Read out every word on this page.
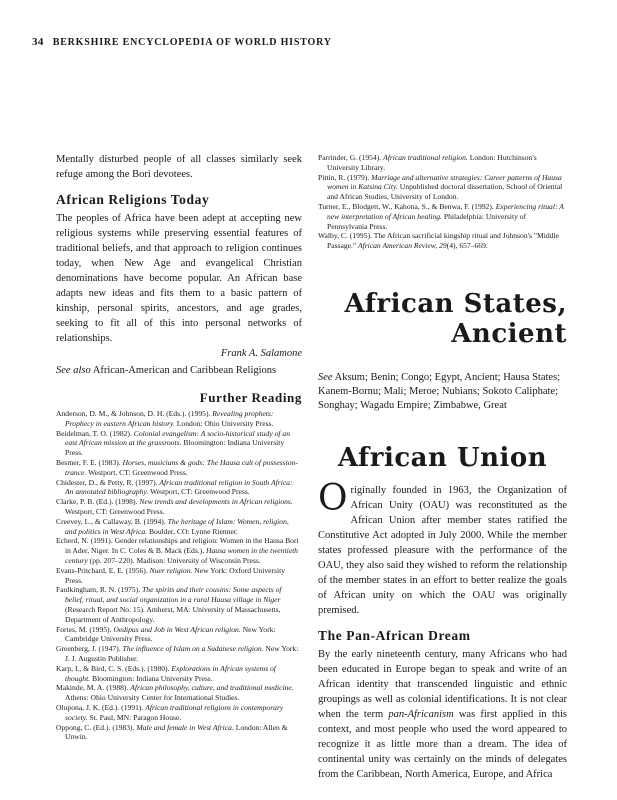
34 BERKSHIRE ENCYCLOPEDIA OF WORLD HISTORY

Mentally disturbed people of all classes similarly seek refuge among the Bori devotees.

African Religions Today

The peoples of Africa have been adept at accepting new religious systems while preserving essential features of traditional beliefs, and that approach to religion continues today, when New Age and evangelical Christian denominations have become popular. An African base adapts new ideas and fits them to a basic pattern of kinship, personal spirits, ancestors, and age grades, seeking to fit all of this into personal networks of relationships.

Frank A. Salamone

See also African-American and Caribbean Religions

Further Reading

Anderson, D. M., & Johnson, D. H. (Eds.). (1995). Revealing prophets: Prophecy in eastern African history. London: Ohio University Press.

Beidelman, T. O. (1982). Colonial evangelism: A socio-historical study of an east African mission at the grassroots. Bloomington: Indiana University Press.

Besmer, F. E. (1983). Horses, musicians & gods: The Hausa cult of possession-trance. Westport, CT: Greenwood Press.

Chidester, D., & Petty, R. (1997). African traditional religion in South Africa: An annotated bibliography. Westport, CT: Greenwood Press.

Clarke, P. B. (Ed.). (1998). New trends and developments in African religions. Westport, CT: Greenwood Press.

Creevey, L., & Callaway, B. (1994). The heritage of Islam: Women, religion, and politics in West Africa. Boulder, CO: Lynne Rienner.

Echerd, N. (1991). Gender relationships and religion: Women in the Hausa Bori in Ader, Niger. In C. Coles & B. Mack (Eds.), Hausa women in the twentieth century (pp. 207–220). Madison: University of Wisconsin Press.

Evans-Pritchard, E. E. (1956). Nuer religion. New York: Oxford University Press.

Faulkingham, R. N. (1975). The spirits and their cousins: Some aspects of belief, ritual, and social organization in a rural Hausa village in Niger (Research Report No. 15). Amherst, MA: University of Massachusetts, Department of Anthropology.

Fortes, M. (1995). Oedipus and Job in West African religion. New York: Cambridge University Press.

Greenberg, J. (1947). The influence of Islam on a Sudanese religion. New York: J. J. Augustin Publisher.

Karp, I., & Bird, C. S. (Eds.). (1980). Explorations in African systems of thought. Bloomington: Indiana University Press.

Makinde, M. A. (1988). African philosophy, culture, and traditional medicine. Athens: Ohio University Center for International Studies.

Olupona, J. K. (Ed.). (1991). African traditional religions in contemporary society. St. Paul, MN: Paragon House.

Oppong, C. (Ed.). (1983). Male and female in West Africa. London: Allen & Unwin.

Parrinder, G. (1954). African traditional religion. London: Hutchinson's University Library.

Pittin, R. (1979). Marriage and alternative strategies: Career patterns of Hausa women in Katsina City. Unpublished doctoral dissertation, School of Oriental and African Studies, University of London.

Turner, E., Blodgett, W., Kahona, S., & Benwa, F. (1992). Experiencing ritual: A new interpretation of African healing. Philadelphia: University of Pennsylvania Press.

Walby, C. (1995). The African sacrificial kingship ritual and Johnson's "Middle Passage." African American Review, 29(4), 657–669.

African States,

Ancient

See Aksum; Benin; Congo; Egypt, Ancient; Hausa States; Kanem-Bornu; Mali; Meroe; Nubians; Sokoto Caliphate; Songhay; Wagadu Empire; Zimbabwe, Great

African Union

Originally founded in 1963, the Organization of African Unity (OAU) was reconstituted as the African Union after member states ratified the Constitutive Act adopted in July 2000. While the member states professed pleasure with the performance of the OAU, they also said they wished to reform the relationship of the member states in an effort to better realize the goals of African unity on which the OAU was originally premised.

The Pan-African Dream

By the early nineteenth century, many Africans who had been educated in Europe began to speak and write of an African identity that transcended linguistic and ethnic groupings as well as colonial identifications. It is not clear when the term pan-Africanism was first applied in this context, and most people who used the word appeared to recognize it as little more than a dream. The idea of continental unity was certainly on the minds of delegates from the Caribbean, North America, Europe, and Africa
